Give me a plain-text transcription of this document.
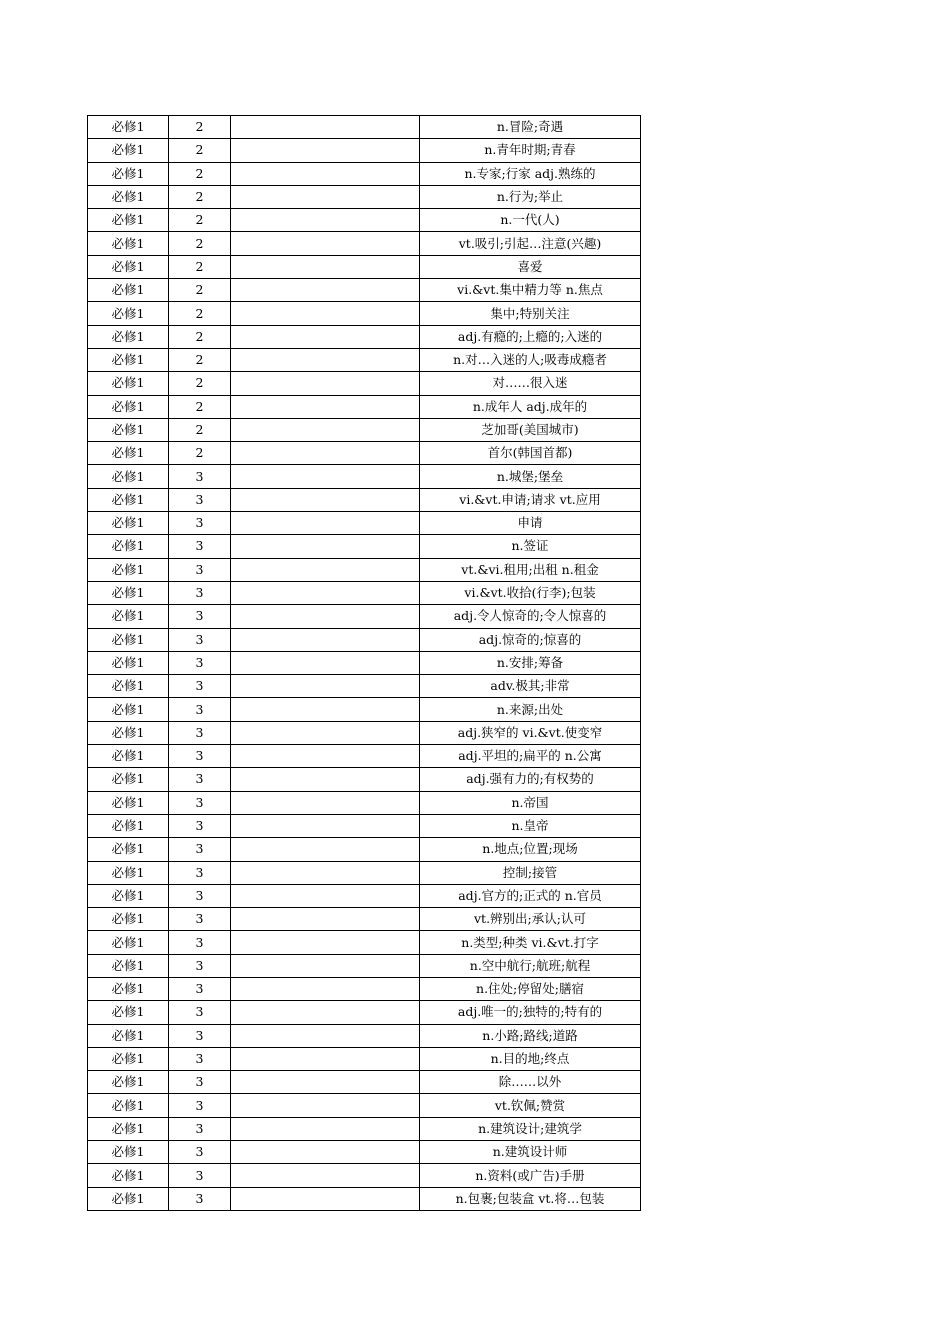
必修1	2		n.冒险;奇遇
必修1	2		n.青年时期;青春
必修1	2		n.专家;行家 adj.熟练的
必修1	2		n.行为;举止
必修1	2		n.一代(人)
必修1	2		vt.吸引;引起…注意(兴趣)
必修1	2		喜爱
必修1	2		vi.&vt.集中精力等 n.焦点
必修1	2		集中;特别关注
必修1	2		adj.有瘾的;上瘾的;入迷的
必修1	2		n.对…入迷的人;吸毒成瘾者
必修1	2		对……很入迷
必修1	2		n.成年人 adj.成年的
必修1	2		芝加哥(美国城市)
必修1	2		首尔(韩国首都)
必修1	3		n.城堡;堡垒
必修1	3		vi.&vt.申请;请求 vt.应用
必修1	3		申请
必修1	3		n.签证
必修1	3		vt.&vi.租用;出租 n.租金
必修1	3		vi.&vt.收拾(行李);包装
必修1	3		adj.令人惊奇的;令人惊喜的
必修1	3		adj.惊奇的;惊喜的
必修1	3		n.安排;筹备
必修1	3		adv.极其;非常
必修1	3		n.来源;出处
必修1	3		adj.狭窄的 vi.&vt.使变窄
必修1	3		adj.平坦的;扁平的 n.公寓
必修1	3		adj.强有力的;有权势的
必修1	3		n.帝国
必修1	3		n.皇帝
必修1	3		n.地点;位置;现场
必修1	3		控制;接管
必修1	3		adj.官方的;正式的 n.官员
必修1	3		vt.辨别出;承认;认可
必修1	3		n.类型;种类 vi.&vt.打字
必修1	3		n.空中航行;航班;航程
必修1	3		n.住处;停留处;膳宿
必修1	3		adj.唯一的;独特的;特有的
必修1	3		n.小路;路线;道路
必修1	3		n.目的地;终点
必修1	3		除……以外
必修1	3		vt.钦佩;赞赏
必修1	3		n.建筑设计;建筑学
必修1	3		n.建筑设计师
必修1	3		n.资料(或广告)手册
必修1	3		n.包裹;包装盒 vt.将…包装
